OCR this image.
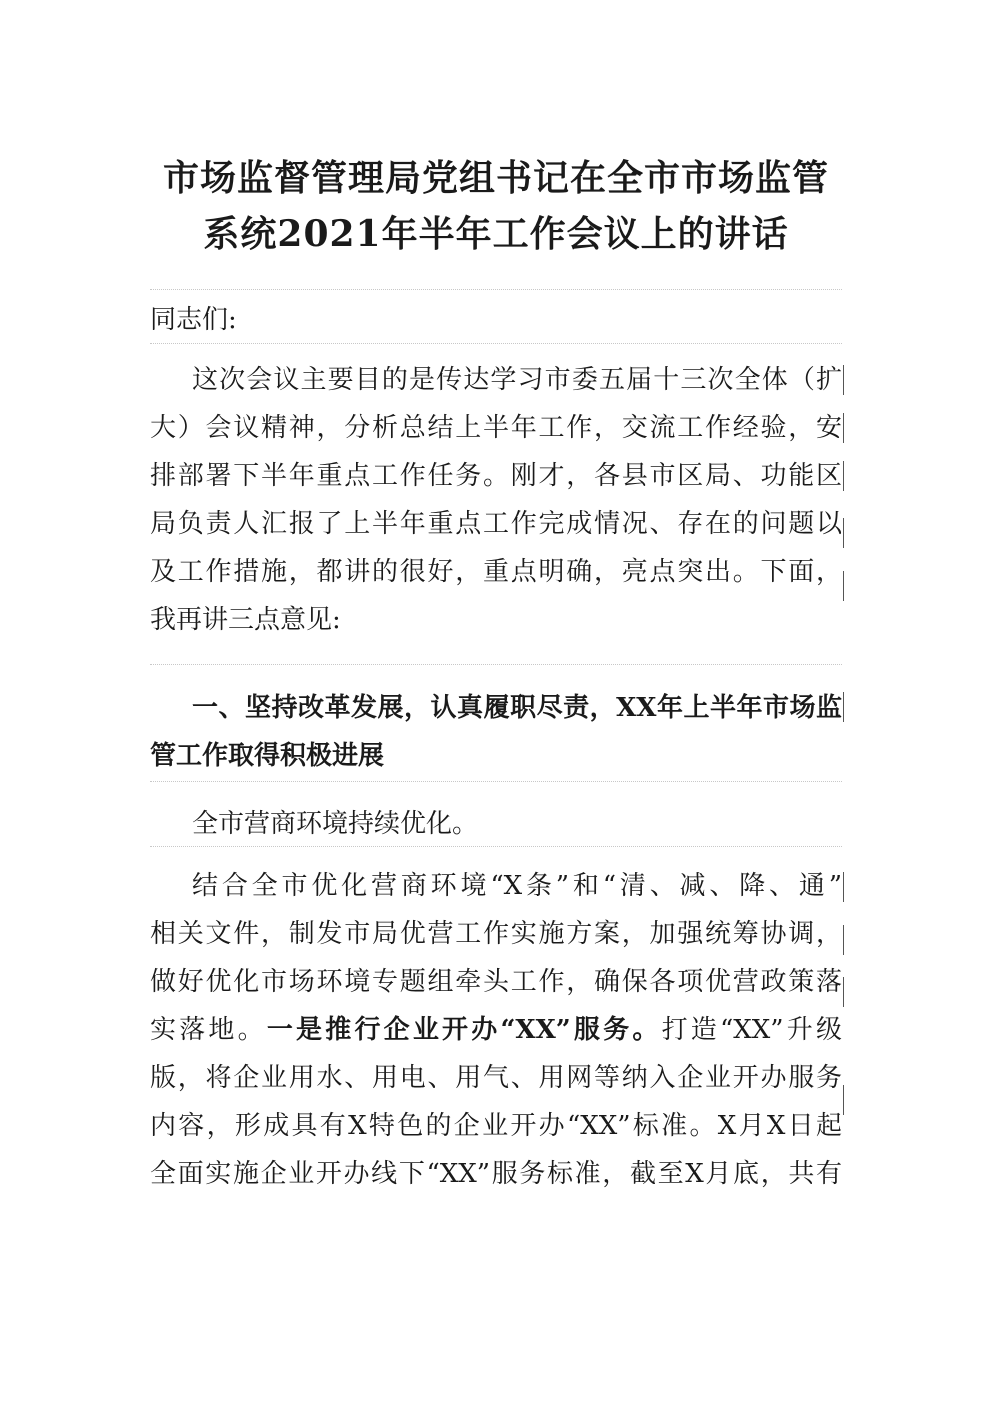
市场监督管理局党组书记在全市市场监管
系统2021年半年工作会议上的讲话

同志们:

这次会议主要目的是传达学习市委五届十三次全体（扩
大）会议精神，分析总结上半年工作，交流工作经验，安
排部署下半年重点工作任务。刚才，各县市区局、功能区
局负责人汇报了上半年重点工作完成情况、存在的问题以
及工作措施，都讲的很好，重点明确，亮点突出。下面，
我再讲三点意见:

一、坚持改革发展，认真履职尽责，XX年上半年市场监
管工作取得积极进展

全市营商环境持续优化。

结合全市优化营商环境“X条”和“清、减、降、通”
相关文件，制发市局优营工作实施方案，加强统筹协调，
做好优化市场环境专题组牵头工作，确保各项优营政策落
实落地。一是推行企业开办“XX”服务。打造“XX”升级
版，将企业用水、用电、用气、用网等纳入企业开办服务
内容，形成具有X特色的企业开办“XX”标准。X月X日起
全面实施企业开办线下“XX”服务标准，截至X月底，共有
